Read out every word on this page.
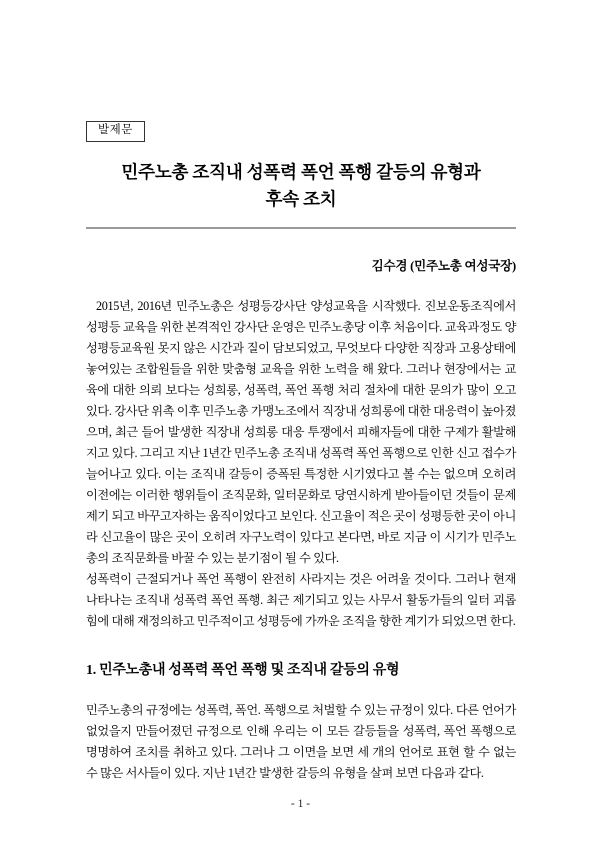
발제문
민주노총 조직내 성폭력 폭언 폭행 갈등의 유형과
후속 조치
김수경 (민주노총 여성국장)

2015년, 2016년 민주노총은 성평등강사단 양성교육을 시작했다. 진보운동조직에서 성평등 교육을 위한 본격적인 강사단 운영은 민주노총당 이후 처음이다. 교육과정도 양성평등교육원 못지 않은 시간과 질이 담보되었고, 무엇보다 다양한 직장과 고용상태에 놓여있는 조합원들을 위한 맞춤형 교육을 위한 노력을 해 왔다. 그러나 현장에서는 교육에 대한 의뢰 보다는 성희롱, 성폭력, 폭언 폭행 처리 절차에 대한 문의가 많이 오고 있다. 강사단 위촉 이후 민주노총 가맹노조에서 직장내 성희롱에 대한 대응력이 높아졌으며, 최근 들어 발생한 직장내 성희롱 대응 투쟁에서 피해자들에 대한 구제가 활발해지고 있다. 그리고 지난 1년간 민주노총 조직내 성폭력 폭언 폭행으로 인한 신고 접수가 늘어나고 있다. 이는 조직내 갈등이 증폭된 특정한 시기였다고 볼 수는 없으며 오히려 이전에는 이러한 행위들이 조직문화, 일터문화로 당연시하게 받아들이던 것들이 문제제기 되고 바꾸고자하는 움직이었다고 보인다. 신고율이 적은 곳이 성평등한 곳이 아니라 신고율이 많은 곳이 오히려 자구노력이 있다고 본다면, 바로 지금 이 시기가 민주노총의 조직문화를 바꿀 수 있는 분기점이 될 수 있다.

성폭력이 근절되거나 폭언 폭행이 완전히 사라지는 것은 어려울 것이다. 그러나 현재 나타나는 조직내 성폭력 폭언 폭행. 최근 제기되고 있는 사무서 활동가들의 일터 괴롭힘에 대해 재정의하고 민주적이고 성평등에 가까운 조직을 향한 계기가 되었으면 한다.

1. 민주노총내 성폭력 폭언 폭행 및 조직내 갈등의 유형

민주노총의 규정에는 성폭력, 폭언. 폭행으로 처벌할 수 있는 규정이 있다. 다른 언어가 없었을지 만들어졌던 규정으로 인해 우리는 이 모든 갈등들을 성폭력, 폭언 폭행으로 명명하여 조치를 취하고 있다. 그러나 그 이면을 보면 세 개의 언어로 표현 할 수 없는 수 많은 서사들이 있다. 지난 1년간 발생한 갈등의 유형을 살펴 보면 다음과 같다.

- 1 -
